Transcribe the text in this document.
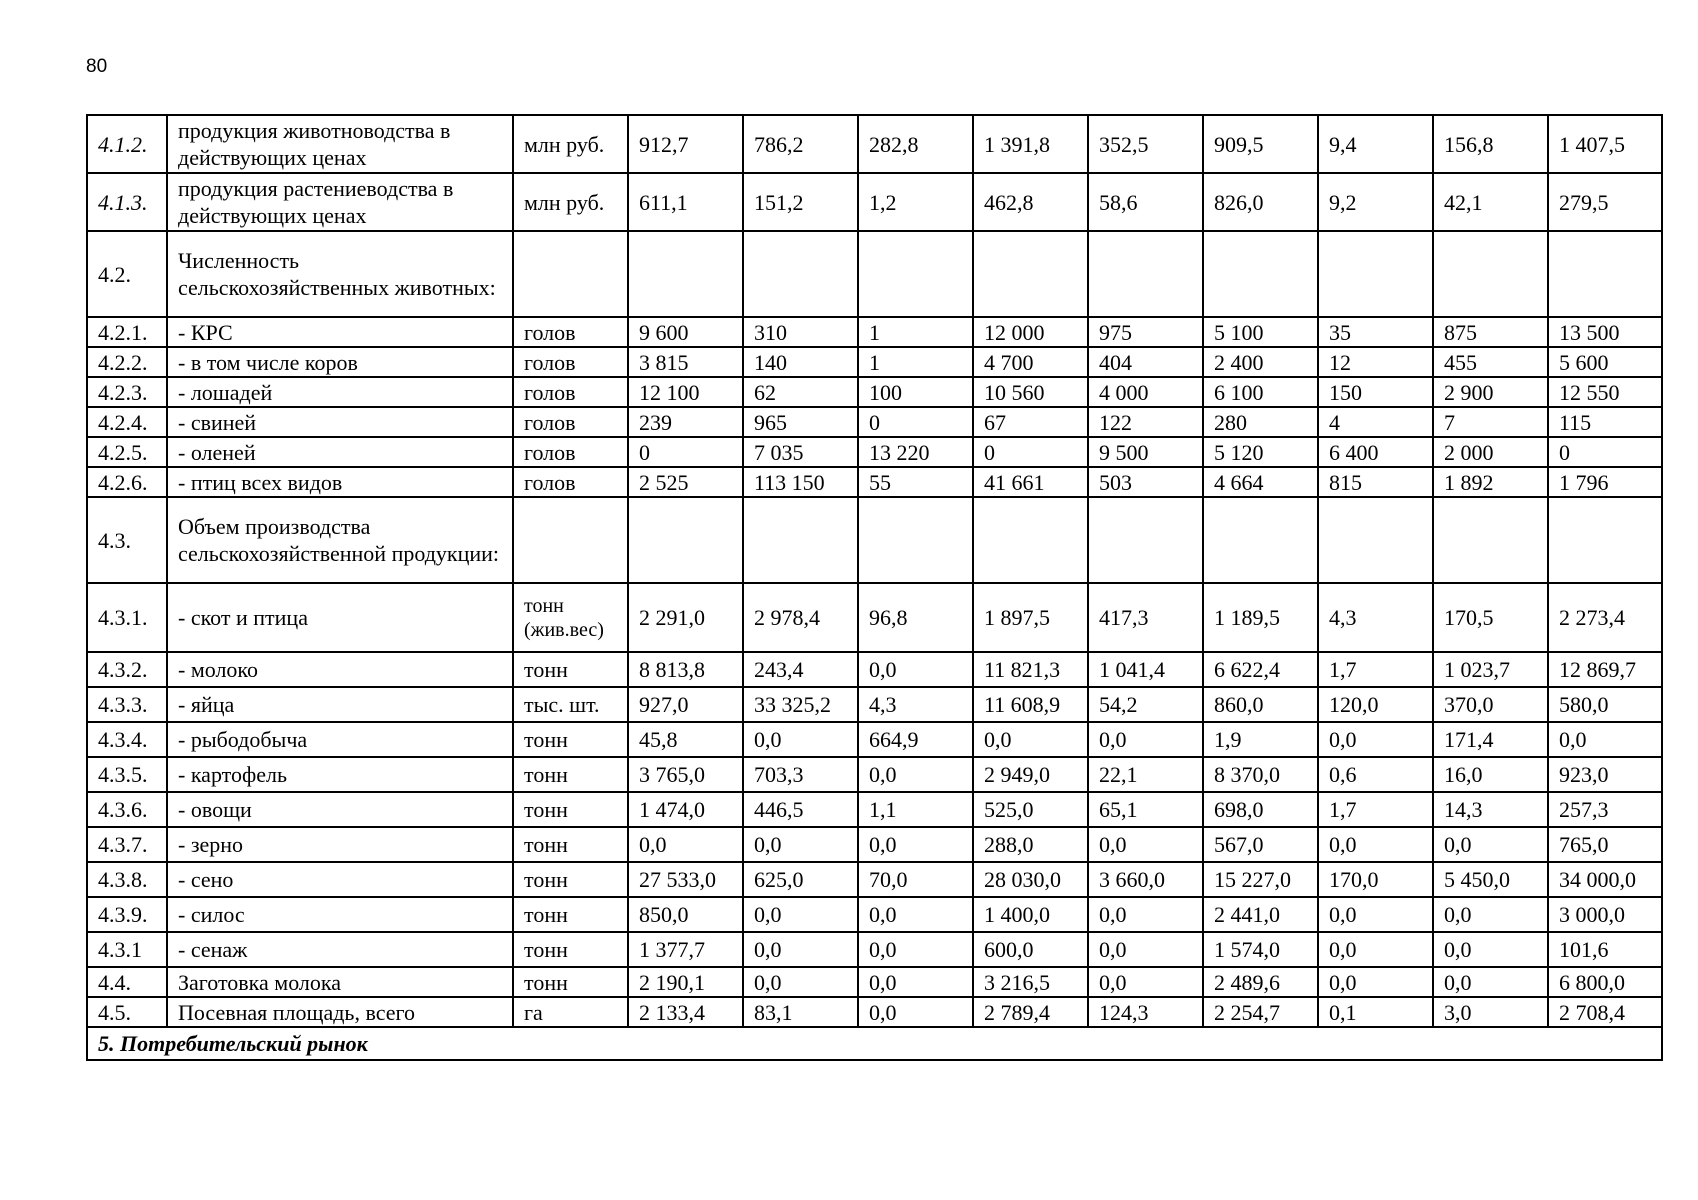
80
4.1.2.	продукция животноводства в действующих ценах	млн руб.	912,7	786,2	282,8	1 391,8	352,5	909,5	9,4	156,8	1 407,5
4.1.3.	продукция растениеводства в действующих ценах	млн руб.	611,1	151,2	1,2	462,8	58,6	826,0	9,2	42,1	279,5
4.2.	Численность сельскохозяйственных животных:										
4.2.1.	- КРС	голов	9 600	310	1	12 000	975	5 100	35	875	13 500
4.2.2.	- в том числе коров	голов	3 815	140	1	4 700	404	2 400	12	455	5 600
4.2.3.	- лошадей	голов	12 100	62	100	10 560	4 000	6 100	150	2 900	12 550
4.2.4.	- свиней	голов	239	965	0	67	122	280	4	7	115
4.2.5.	- оленей	голов	0	7 035	13 220	0	9 500	5 120	6 400	2 000	0
4.2.6.	- птиц всех видов	голов	2 525	113 150	55	41 661	503	4 664	815	1 892	1 796
4.3.	Объем производства сельскохозяйственной продукции:										
4.3.1.	- скот и птица	тонн (жив.вес)	2 291,0	2 978,4	96,8	1 897,5	417,3	1 189,5	4,3	170,5	2 273,4
4.3.2.	- молоко	тонн	8 813,8	243,4	0,0	11 821,3	1 041,4	6 622,4	1,7	1 023,7	12 869,7
4.3.3.	- яйца	тыс. шт.	927,0	33 325,2	4,3	11 608,9	54,2	860,0	120,0	370,0	580,0
4.3.4.	- рыбодобыча	тонн	45,8	0,0	664,9	0,0	0,0	1,9	0,0	171,4	0,0
4.3.5.	- картофель	тонн	3 765,0	703,3	0,0	2 949,0	22,1	8 370,0	0,6	16,0	923,0
4.3.6.	- овощи	тонн	1 474,0	446,5	1,1	525,0	65,1	698,0	1,7	14,3	257,3
4.3.7.	- зерно	тонн	0,0	0,0	0,0	288,0	0,0	567,0	0,0	0,0	765,0
4.3.8.	- сено	тонн	27 533,0	625,0	70,0	28 030,0	3 660,0	15 227,0	170,0	5 450,0	34 000,0
4.3.9.	- силос	тонн	850,0	0,0	0,0	1 400,0	0,0	2 441,0	0,0	0,0	3 000,0
4.3.1	- сенаж	тонн	1 377,7	0,0	0,0	600,0	0,0	1 574,0	0,0	0,0	101,6
4.4.	Заготовка молока	тонн	2 190,1	0,0	0,0	3 216,5	0,0	2 489,6	0,0	0,0	6 800,0
4.5.	Посевная площадь, всего	га	2 133,4	83,1	0,0	2 789,4	124,3	2 254,7	0,1	3,0	2 708,4
5. Потребительский рынок											
